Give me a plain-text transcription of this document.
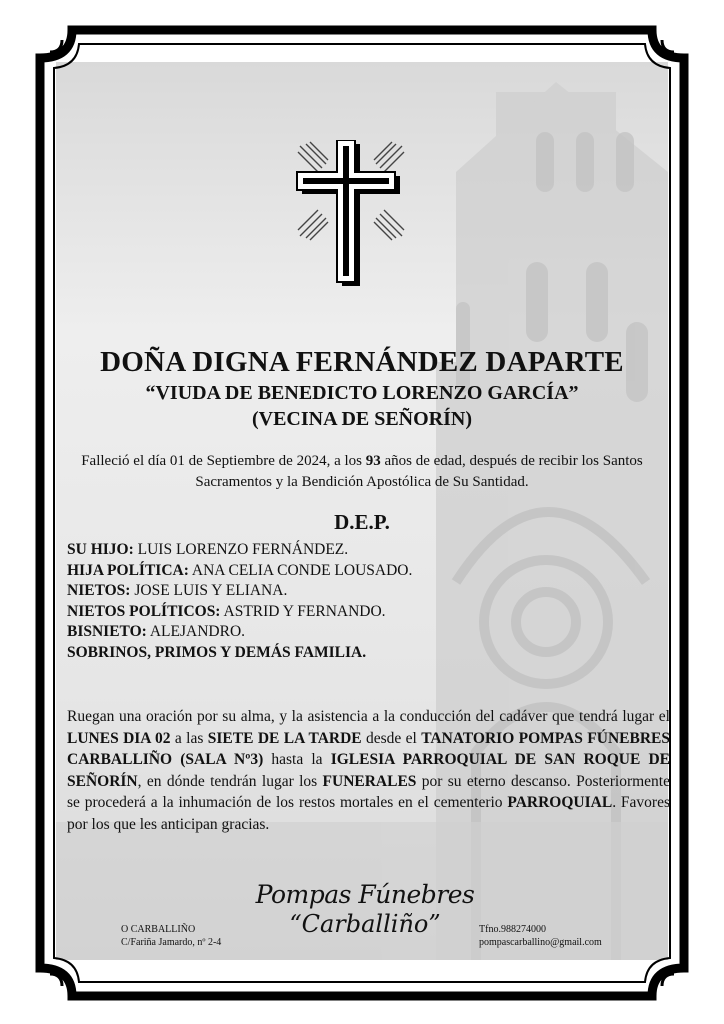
DOÑA DIGNA FERNÁNDEZ DAPARTE
“VIUDA DE BENEDICTO LORENZO GARCÍA”
(VECINA DE SEÑORÍN)
Falleció el día 01 de Septiembre de 2024, a los 93 años de edad, después de recibir los Santos Sacramentos y la Bendición Apostólica de Su Santidad.
D.E.P.
SU HIJO: LUIS LORENZO FERNÁNDEZ.
HIJA POLÍTICA: ANA CELIA CONDE LOUSADO.
NIETOS: JOSE LUIS Y ELIANA.
NIETOS POLÍTICOS: ASTRID Y FERNANDO.
BISNIETO: ALEJANDRO.
SOBRINOS, PRIMOS Y DEMÁS FAMILIA.
Ruegan una oración por su alma, y la asistencia a la conducción del cadáver que tendrá lugar el LUNES DIA 02 a las SIETE DE LA TARDE desde el TANATORIO POMPAS FÚNEBRES CARBALLIÑO (SALA Nº3) hasta la IGLESIA PARROQUIAL DE SAN ROQUE DE SEÑORÍN, en dónde tendrán lugar los FUNERALES por su eterno descanso. Posteriormente se procederá a la inhumación de los restos mortales en el cementerio PARROQUIAL. Favores por los que les anticipan gracias.
O CARBALLIÑO
C/Fariña Jamardo, nº 2-4
Pompas Fúnebres
“Carballiño”	Tfno.988274000
pompascarballino@gmail.com
